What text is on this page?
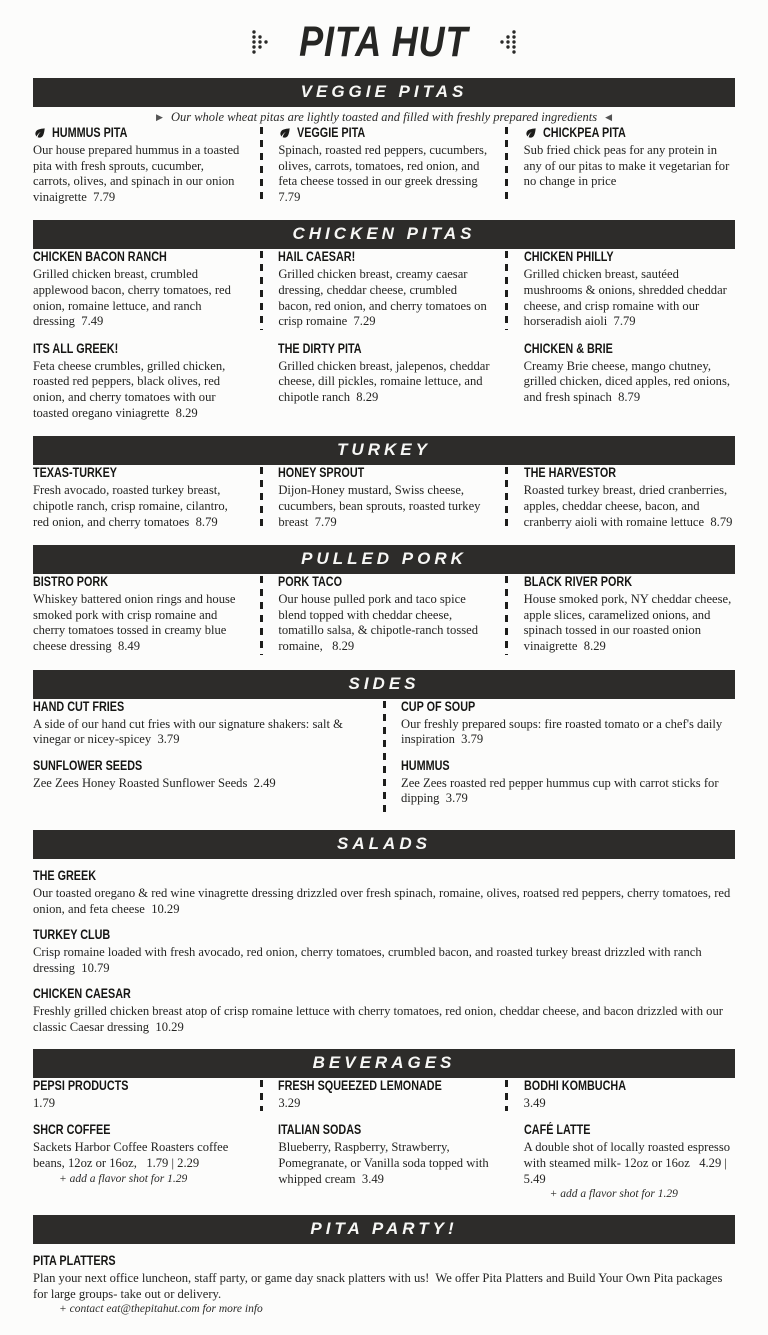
PITA HUT
VEGGIE PITAS
▶ Our whole wheat pitas are lightly toasted and filled with freshly prepared ingredients ◀
HUMMUS PITA

Our house prepared hummus in a toasted pita with fresh sprouts, cucumber, carrots, olives, and spinach in our onion vinaigrette  7.79

VEGGIE PITA

Spinach, roasted red peppers, cucumbers, olives, carrots, tomatoes, red onion, and feta cheese tossed in our greek dressing  7.79

CHICKPEA PITA

Sub fried chick peas for any protein in any of our pitas to make it vegetarian for no change in price

CHICKEN PITAS
CHICKEN BACON RANCH

Grilled chicken breast, crumbled applewood bacon, cherry tomatoes, red onion, romaine lettuce, and ranch dressing  7.49

HAIL CAESAR!

Grilled chicken breast, creamy caesar dressing, cheddar cheese, crumbled bacon, red onion, and cherry tomatoes on crisp romaine  7.29

CHICKEN PHILLY

Grilled chicken breast, sautéed mushrooms & onions, shredded cheddar cheese, and crisp romaine with our horseradish aioli  7.79

ITS ALL GREEK!

Feta cheese crumbles, grilled chicken, roasted red peppers, black olives, red onion, and cherry tomatoes with our toasted oregano viniagrette  8.29

THE DIRTY PITA

Grilled chicken breast, jalepenos, cheddar cheese, dill pickles, romaine lettuce, and chipotle ranch  8.29

CHICKEN & BRIE

Creamy Brie cheese, mango chutney, grilled chicken, diced apples, red onions, and fresh spinach  8.79

TURKEY
TEXAS-TURKEY

Fresh avocado, roasted turkey breast, chipotle ranch, crisp romaine, cilantro, red onion, and cherry tomatoes  8.79

HONEY SPROUT

Dijon-Honey mustard, Swiss cheese, cucumbers, bean sprouts, roasted turkey breast  7.79

THE HARVESTOR

Roasted turkey breast, dried cranberries, apples, cheddar cheese, bacon, and cranberry aioli with romaine lettuce  8.79

PULLED PORK
BISTRO PORK

Whiskey battered onion rings and house smoked pork with crisp romaine and cherry tomatoes tossed in creamy blue cheese dressing  8.49

PORK TACO

Our house pulled pork and taco spice blend topped with cheddar cheese, tomatillo salsa, & chipotle-ranch tossed romaine,   8.29

BLACK RIVER PORK

House smoked pork, NY cheddar cheese, apple slices, caramelized onions, and spinach tossed in our roasted onion vinaigrette  8.29

SIDES
HAND CUT FRIES

A side of our hand cut fries with our signature shakers: salt & vinegar or nicey-spicey  3.79

SUNFLOWER SEEDS

Zee Zees Honey Roasted Sunflower Seeds  2.49

CUP OF SOUP

Our freshly prepared soups: fire roasted tomato or a chef's daily inspiration  3.79

HUMMUS

Zee Zees roasted red pepper hummus cup with carrot sticks for dipping  3.79

SALADS
THE GREEK

Our toasted oregano & red wine vinagrette dressing drizzled over fresh spinach, romaine, olives, roatsed red peppers, cherry tomatoes, red onion, and feta cheese  10.29

TURKEY CLUB

Crisp romaine loaded with fresh avocado, red onion, cherry tomatoes, crumbled bacon, and roasted turkey breast drizzled with ranch dressing  10.79

CHICKEN CAESAR

Freshly grilled chicken breast atop of crisp romaine lettuce with cherry tomatoes, red onion, cheddar cheese, and bacon drizzled with our classic Caesar dressing  10.29

BEVERAGES
PEPSI PRODUCTS

1.79

FRESH SQUEEZED LEMONADE

3.29

BODHI KOMBUCHA

3.49

SHCR COFFEE

Sackets Harbor Coffee Roasters coffee beans, 12oz or 16oz,   1.79 | 2.29

+ add a flavor shot for 1.29

ITALIAN SODAS

Blueberry, Raspberry, Strawberry, Pomegranate, or Vanilla soda topped with whipped cream  3.49

CAFÉ LATTE

A double shot of locally roasted espresso with steamed milk- 12oz or 16oz   4.29 | 5.49

+ add a flavor shot for 1.29

PITA PARTY!
PITA PLATTERS

Plan your next office luncheon, staff party, or game day snack platters with us!  We offer Pita Platters and Build Your Own Pita packages for large groups- take out or delivery.

+ contact eat@thepitahut.com for more info
